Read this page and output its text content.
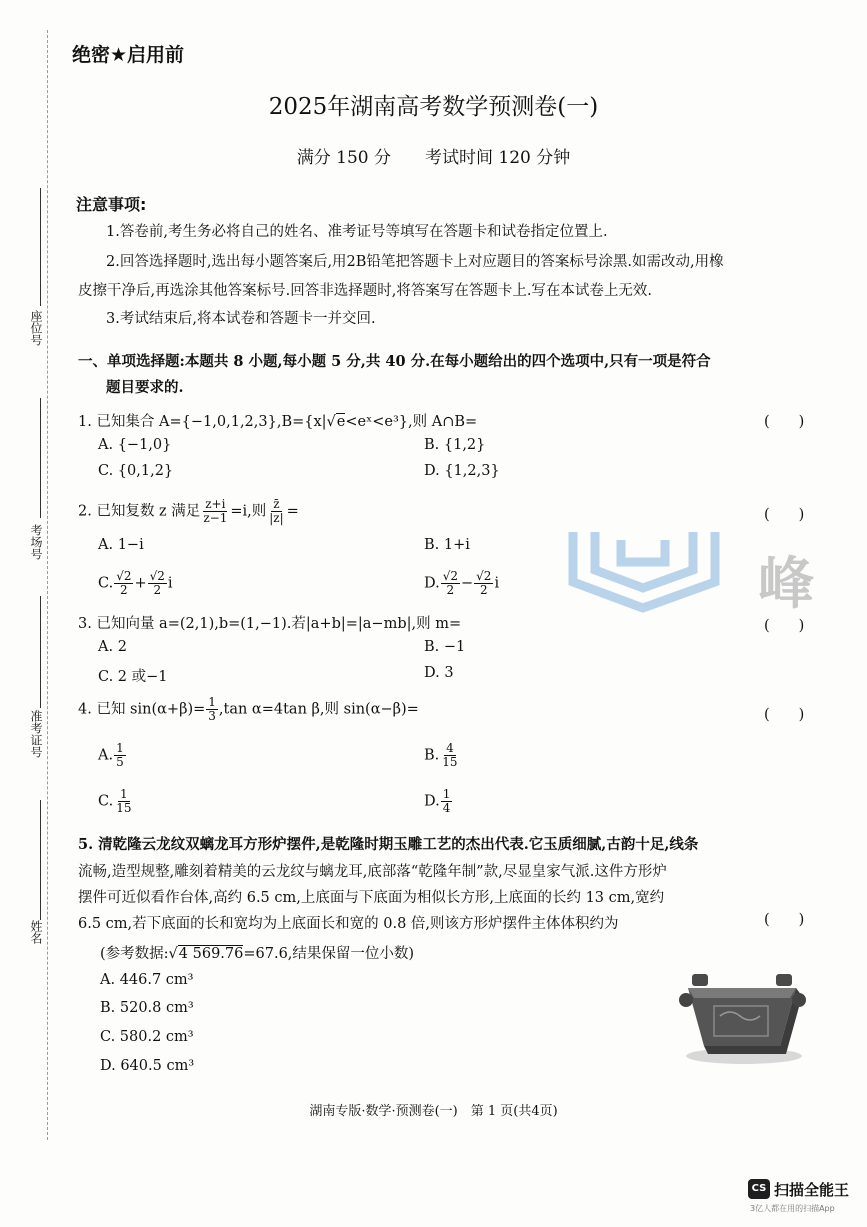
座位号
考场号
准考证号
姓名
绝密★启用前
2025年湖南高考数学预测卷(一)
满分 150 分　　考试时间 120 分钟
注意事项:
1.答卷前,考生务必将自己的姓名、准考证号等填写在答题卡和试卷指定位置上.
2.回答选择题时,选出每小题答案后,用2B铅笔把答题卡上对应题目的答案标号涂黑.如需改动,用橡
皮擦干净后,再选涂其他答案标号.回答非选择题时,将答案写在答题卡上.写在本试卷上无效.
3.考试结束后,将本试卷和答题卡一并交回.
一、单项选择题:本题共 8 小题,每小题 5 分,共 40 分.在每小题给出的四个选项中,只有一项是符合
题目要求的.
1. 已知集合 A={−1,0,1,2,3},B={x|√e<eˣ<e³},则 A∩B=	(　　)
A. {−1,0}	B. {1,2}
C. {0,1,2}	D. {1,2,3}
2. 已知复数 z 满足 $\frac{z+i}{z-1} =i$,则 $\frac{z̄}{|z|}$ =	(　　)
A. 1−i	B. 1+i
C. $\frac{√2}{2} + \frac{√2}{2}$ i	D. $\frac{√2}{2} - \frac{√2}{2}$ i	峰
3. 已知向量 a=(2,1),b=(1,−1).若|a+b|=|a−mb|,则 m=	(　　)
A. 2	B. −1
C. 2 或−1	D. 3
4. 已知 $\sin(\alpha+\beta)= \frac{1}{3} ,\tan$ α=4tan β,则 sin(α−β)=	(　　)
A. $\frac{1}{5}$	B. $\frac{4}{15}$
C. $\frac{1}{15}$	D. $\frac{1}{4}$
5. 清乾隆云龙纹双螭龙耳方形炉摆件,是乾隆时期玉雕工艺的杰出代表.它玉质细腻,古韵十足,线条
流畅,造型规整,雕刻着精美的云龙纹与螭龙耳,底部落“乾隆年制”款,尽显皇家气派.这件方形炉
摆件可近似看作台体,高约 6.5 cm,上底面与下底面为相似长方形,上底面的长约 13 cm,宽约
6.5 cm,若下底面的长和宽均为上底面长和宽的 0.8 倍,则该方形炉摆件主体体积约为	(　　)
(参考数据:√4 569.76=67.6,结果保留一位小数)
A. 446.7 cm³
B. 520.8 cm³
C. 580.2 cm³
D. 640.5 cm³
湖南专版·数学·预测卷(一)　第 1 页(共4页)
CS 扫描全能王
3亿人都在用的扫描App
